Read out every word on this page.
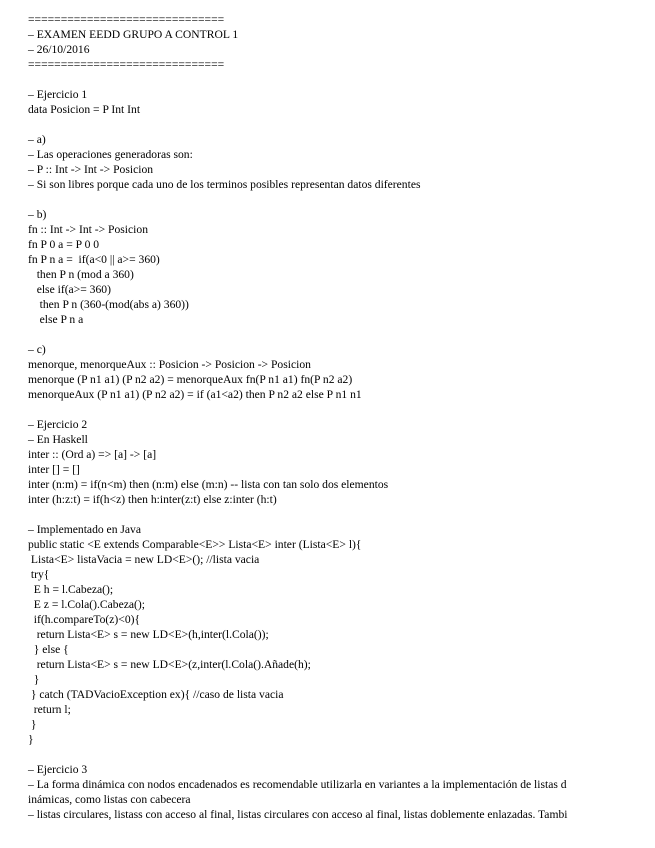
==============================
– EXAMEN EEDD GRUPO A CONTROL 1
– 26/10/2016
==============================
– Ejercicio 1
data Posicion = P Int Int
– a)
– Las operaciones generadoras son:
– P :: Int -> Int -> Posicion
– Si son libres porque cada uno de los terminos posibles representan datos diferentes
– b)
fn :: Int -> Int -> Posicion
fn P 0 a = P 0 0
fn P n a =  if(a<0 || a>= 360)
then P n (mod a 360)
else if(a>= 360)
then P n (360-(mod(abs a) 360))
else P n a
– c)
menorque, menorqueAux :: Posicion -> Posicion -> Posicion
menorque (P n1 a1) (P n2 a2) = menorqueAux fn(P n1 a1) fn(P n2 a2)
menorqueAux (P n1 a1) (P n2 a2) = if (a1<a2) then P n2 a2 else P n1 n1
– Ejercicio 2
– En Haskell
inter :: (Ord a) => [a] -> [a]
inter [] = []
inter (n:m) = if(n<m) then (n:m) else (m:n) -- lista con tan solo dos elementos
inter (h:z:t) = if(h<z) then h:inter(z:t) else z:inter (h:t)
– Implementado en Java
public static <E extends Comparable<E>> Lista<E> inter (Lista<E> l){
Lista<E> listaVacia = new LD<E>(); //lista vacia
try{
E h = l.Cabeza();
E z = l.Cola().Cabeza();
if(h.compareTo(z)<0){
return Lista<E> s = new LD<E>(h,inter(l.Cola());
} else {
return Lista<E> s = new LD<E>(z,inter(l.Cola().Añade(h);
}
} catch (TADVacioException ex){ //caso de lista vacia
return l;
}
}
– Ejercicio 3
– La forma dinámica con nodos encadenados es recomendable utilizarla en variantes a la implementación de listas d
inámicas, como listas con cabecera
– listas circulares, listass con acceso al final, listas circulares con acceso al final, listas doblemente enlazadas. Tambi
